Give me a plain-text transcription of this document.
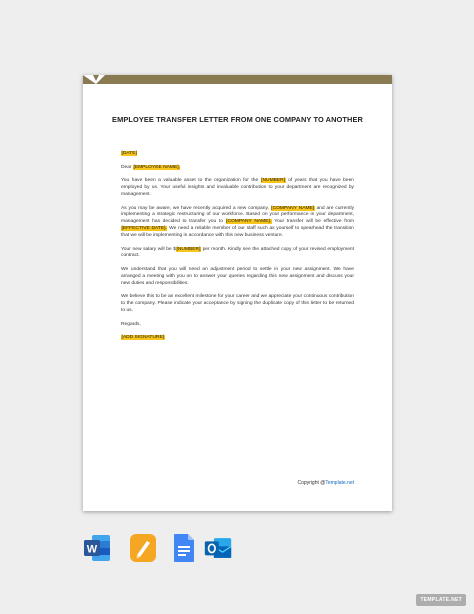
EMPLOYEE TRANSFER LETTER FROM ONE COMPANY TO ANOTHER

[DATE]

Dear [EMPLOYEE NAME],

You have been a valuable asset to the organization for the [NUMBER] of years that you have been employed by us. Your useful insights and invaluable contribution to your department are recognized by management.

As you may be aware, we have recently acquired a new company, [COMPANY NAME] and are currently implementing a strategic restructuring of our workforce. Based on your performance in your department, management has decided to transfer you to [COMPANY NAME]. Your transfer will be effective from [EFFECTIVE DATE]. We need a reliable member of our staff such as yourself to spearhead the transition that we will be implementing in accordance with this new business venture.

Your new salary will be $[NUMBER] per month. Kindly see the attached copy of your revised employment contract.

We understand that you will need an adjustment period to settle in your new assignment. We have arranged a meeting with you on to answer your queries regarding this new assignment and discuss your new duties and responsibilities.

We believe this to be an excellent milestone for your career and we appreciate your continuous contribution to the company. Please indicate your acceptance by signing the duplicate copy of this letter to be returned to us.

Regards,

[ADD SIGNATURE]

Copyright @Template.net
W
TEMPLATE.NET
